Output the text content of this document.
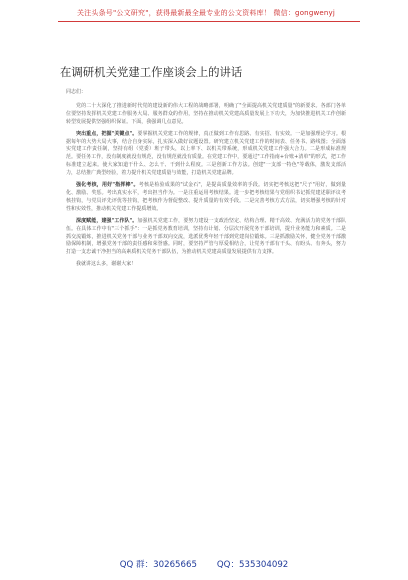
关注头条号"公文研究"，获得最新最全最专业的公文资料库！ 微信：gongwenyj
在调研机关党建工作座谈会上的讲话

同志们：

党的二十大深化了推进新时代党的建设新的伟大工程的战略部署，明确了"全面提高机关党建质量"的新要求。各部门各单位要坚持发挥机关党建工作服务大局、服务群众的作用，坚持在推动机关党建高质量发展上下功夫，为加快推进机关工作创新转型发展提供坚强组织保证。下面，我强调几点意见。

突出重点，把握"关键点"。要掌握机关党建工作的规律，真正做到工作有思路、有实招、有实效。一是加强理论学习。根据每年的大势大局大事，结合自身实际，扎实深入做好议题设置。研究建立机关党建工作的时间表、任务书、路线图；全面落实党建工作责任制，坚持有组（党委）班子带头，以上率下、以机关带系统，形成机关党建工作强大合力。二是形成标准规范。要任务工作，没有制度就没有规范，没有规范就没有质量。在党建工作中，要通过"工作指南+台账+清单"的形式，把工作标准建立起来。使大家知道干什么、怎么干、干到什么程度。三是创新工作方法。创建"一支部一特色"等载体，激发支部活力，总结推广典型经验，着力提升机关党建质量与效能，打造机关党建品牌。

强化考核，用好"指挥棒"。考核是检验成果的"试金石"，是提高质量效率的手段。切实把考核这把"尺子"用好，做到量化、激励、奖惩。考出真实水平，考出担当作为。一是注重运用考核结果。进一步把考核结果与党组织书记抓党建述职评议考核挂钩，与党员评先评优等挂钩，把考核作为督促整改、提升质量的有效手段。二是完善考核方式方法，切实增强考核的针对性和实效性，推动机关党建工作提质增效。

深度赋能，建强"工作队"。加强机关党建工作，要努力建设一支政治坚定、结构合理、精干高效、充满活力的党务干部队伍。在具体工作中有"三个抓手"：一是抓党务教育培训，坚持有计划、分层次开展党务干部培训，提升业务能力和素质。二是抓交流锻炼，推进机关党务干部与业务干部双向交流，选派优秀年轻干部到党建岗位锻炼。三是抓激励关怀，健全党务干部激励保障机制，增强党务干部的责任感和荣誉感。同时，要坚持严管与厚爱相结合，让党务干部有干头、有盼头、有奔头，努力打造一支忠诚干净担当的高素质机关党务干部队伍，为推动机关党建高质量发展提供有力支撑。

我就讲这么多，谢谢大家！

QQ 群：30265665 QQ：535304092
